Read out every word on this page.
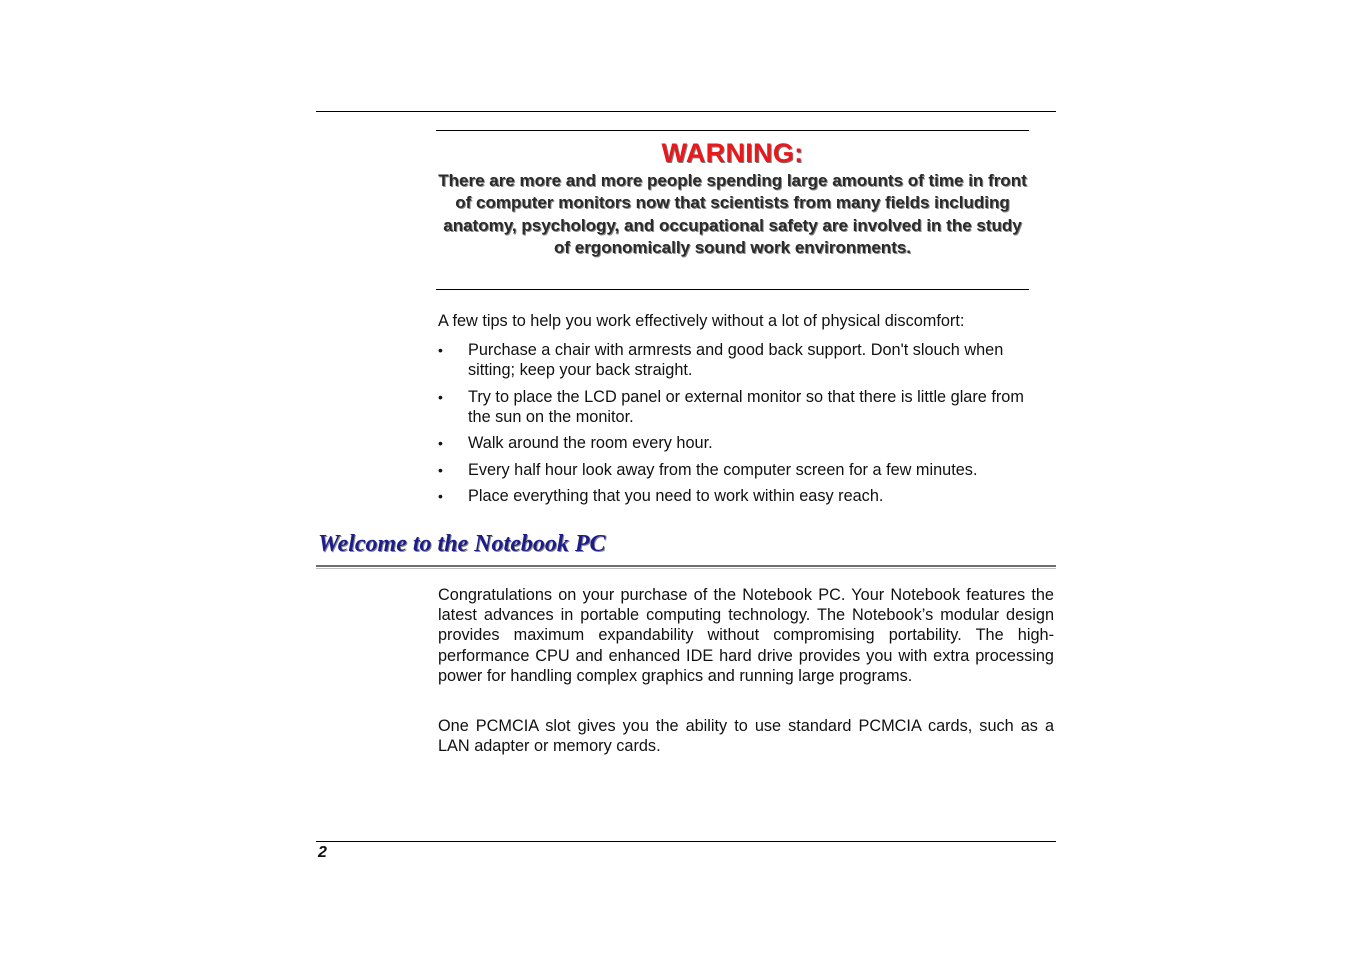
WARNING:
There are more and more people spending large amounts of time in front of computer monitors now that scientists from many fields including anatomy, psychology, and occupational safety are involved in the study of ergonomically sound work environments.

A few tips to help you work effectively without a lot of physical discomfort:

•	Purchase a chair with armrests and good back support. Don't slouch when sitting; keep your back straight.
•	Try to place the LCD panel or external monitor so that there is little glare from the sun on the monitor.
•	Walk around the room every hour.
•	Every half hour look away from the computer screen for a few minutes.
•	Place everything that you need to work within easy reach.
Welcome to the Notebook PC

Congratulations on your purchase of the Notebook PC. Your Notebook features the latest advances in portable computing technology. The Notebook’s modular design provides maximum expandability without compromising portability. The high-performance CPU and enhanced IDE hard drive provides you with extra processing power for handling complex graphics and running large programs.

One PCMCIA slot gives you the ability to use standard PCMCIA cards, such as a LAN adapter or memory cards.

2
